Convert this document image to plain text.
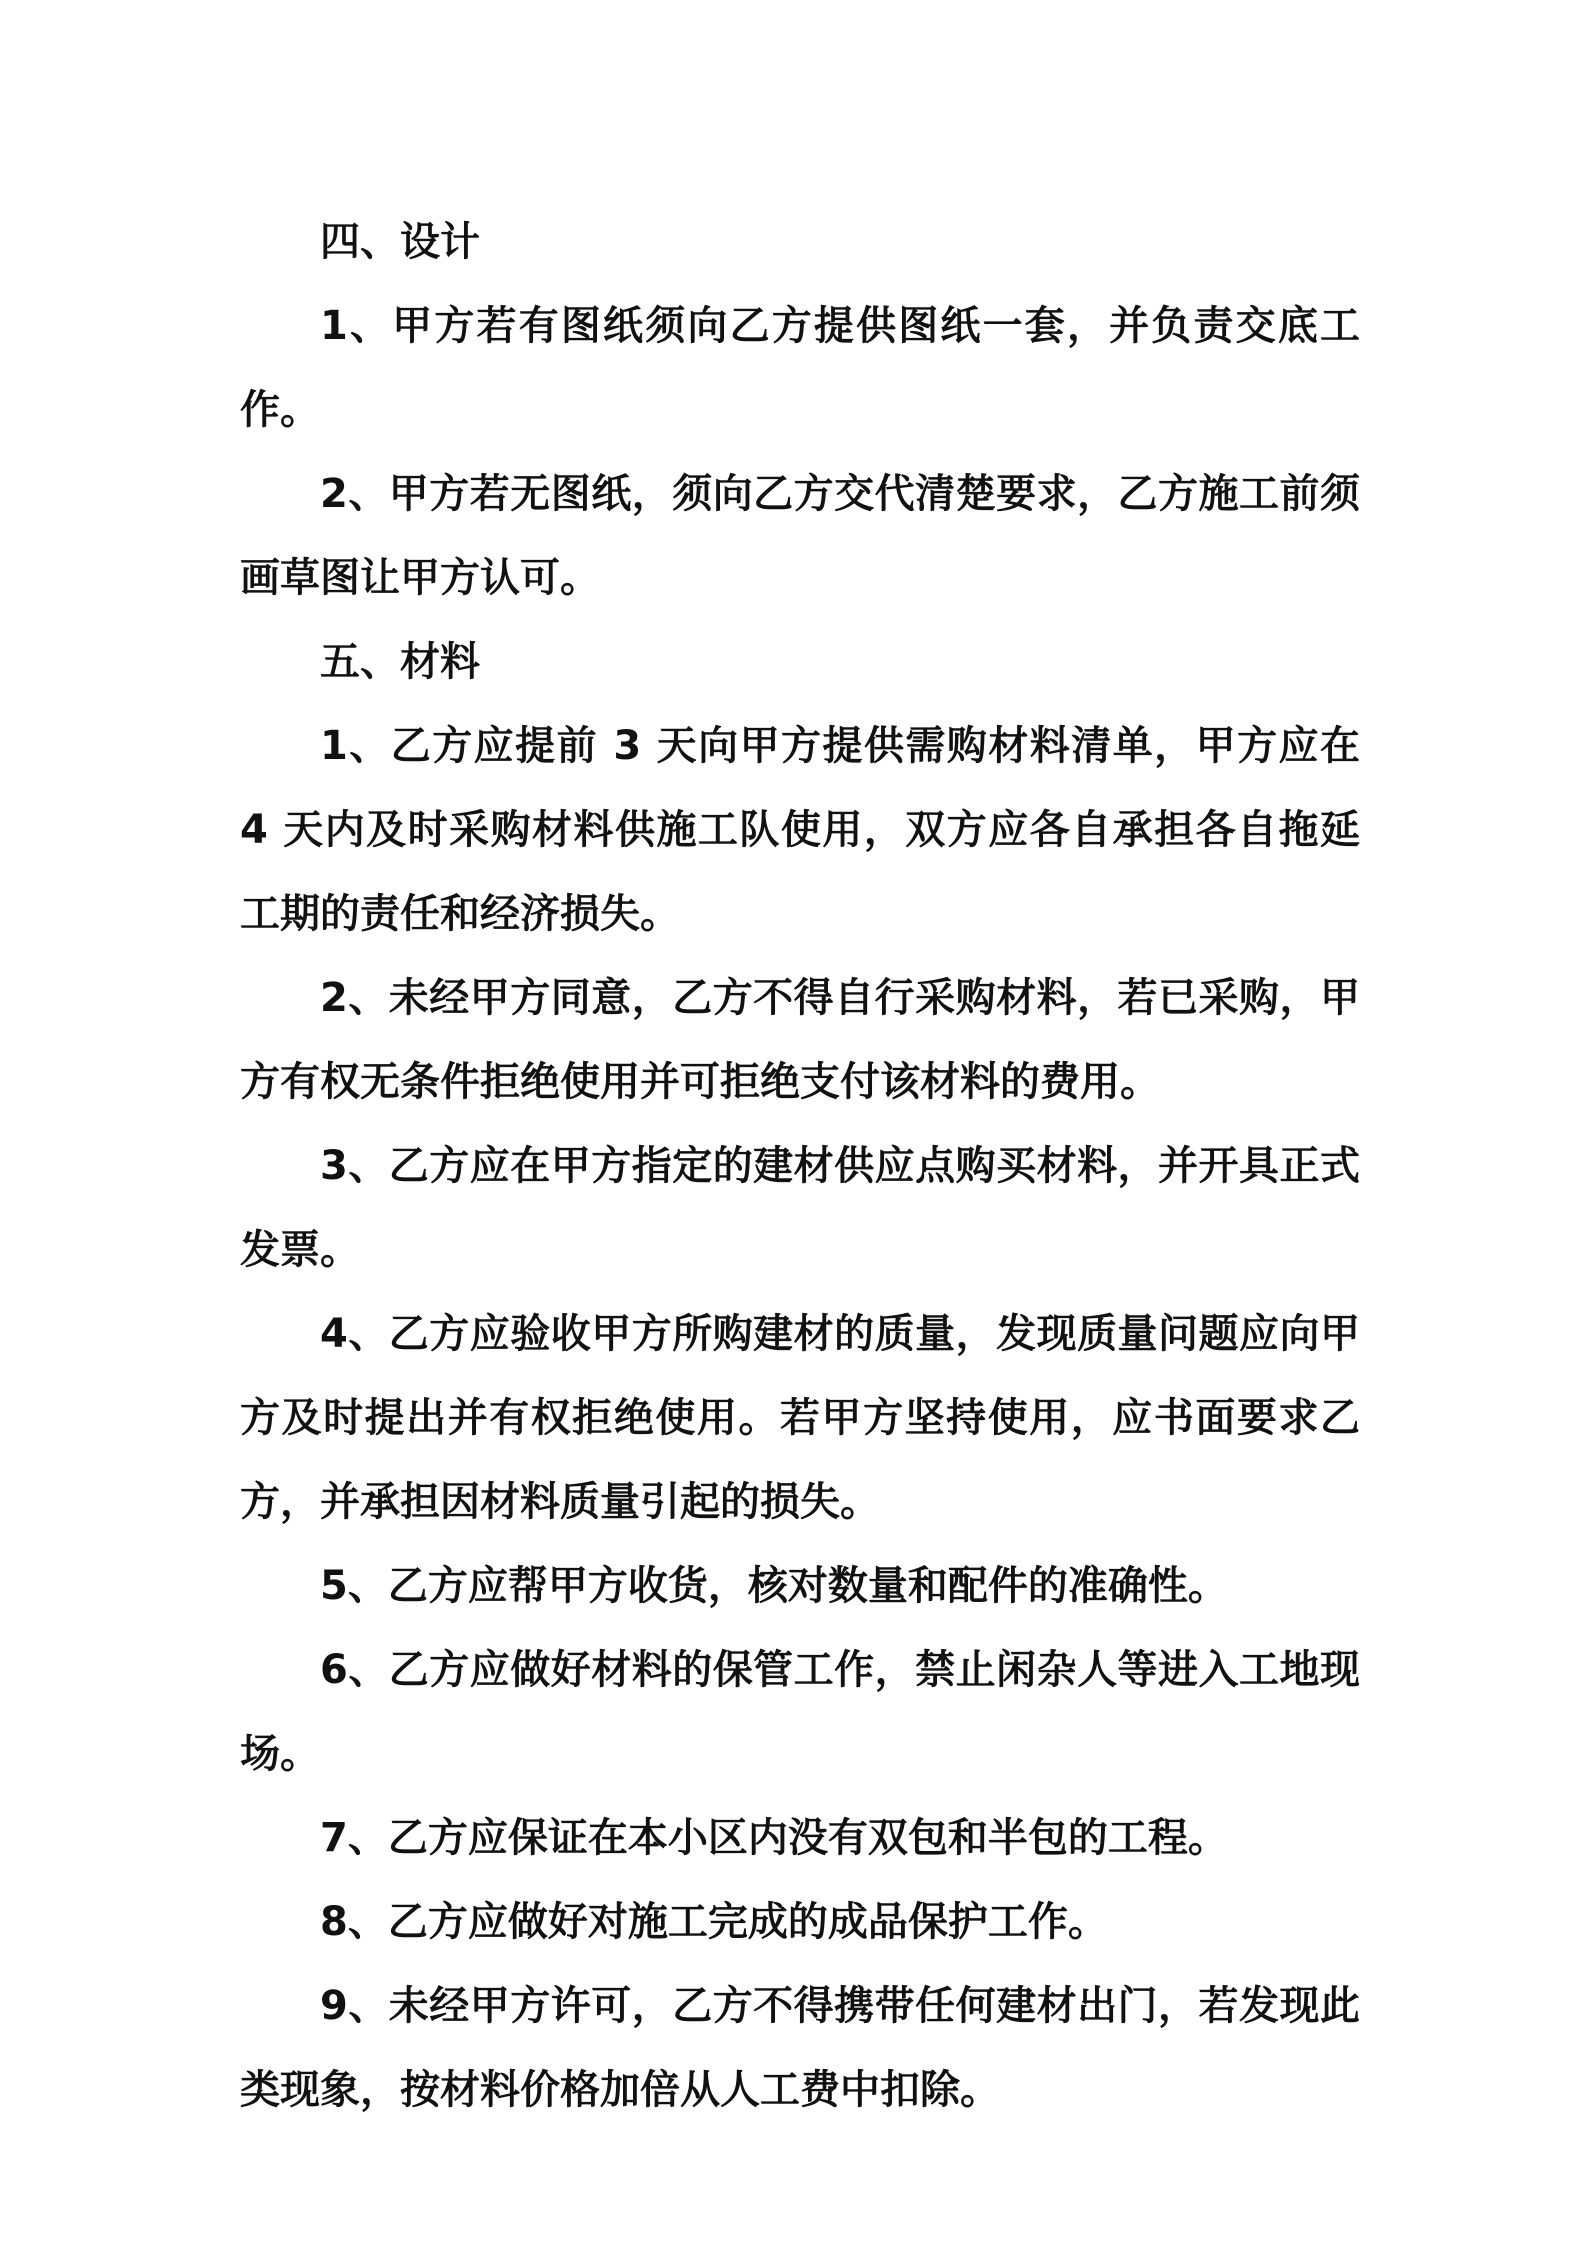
四、设计

1、甲方若有图纸须向乙方提供图纸一套，并负责交底工作。

2、甲方若无图纸，须向乙方交代清楚要求，乙方施工前须画草图让甲方认可。

五、材料

1、乙方应提前 3 天向甲方提供需购材料清单，甲方应在 4 天内及时采购材料供施工队使用，双方应各自承担各自拖延工期的责任和经济损失。

2、未经甲方同意，乙方不得自行采购材料，若已采购，甲方有权无条件拒绝使用并可拒绝支付该材料的费用。

3、乙方应在甲方指定的建材供应点购买材料，并开具正式发票。

4、乙方应验收甲方所购建材的质量，发现质量问题应向甲方及时提出并有权拒绝使用。若甲方坚持使用，应书面要求乙方，并承担因材料质量引起的损失。

5、乙方应帮甲方收货，核对数量和配件的准确性。

6、乙方应做好材料的保管工作，禁止闲杂人等进入工地现场。

7、乙方应保证在本小区内没有双包和半包的工程。

8、乙方应做好对施工完成的成品保护工作。

9、未经甲方许可，乙方不得携带任何建材出门，若发现此类现象，按材料价格加倍从人工费中扣除。
